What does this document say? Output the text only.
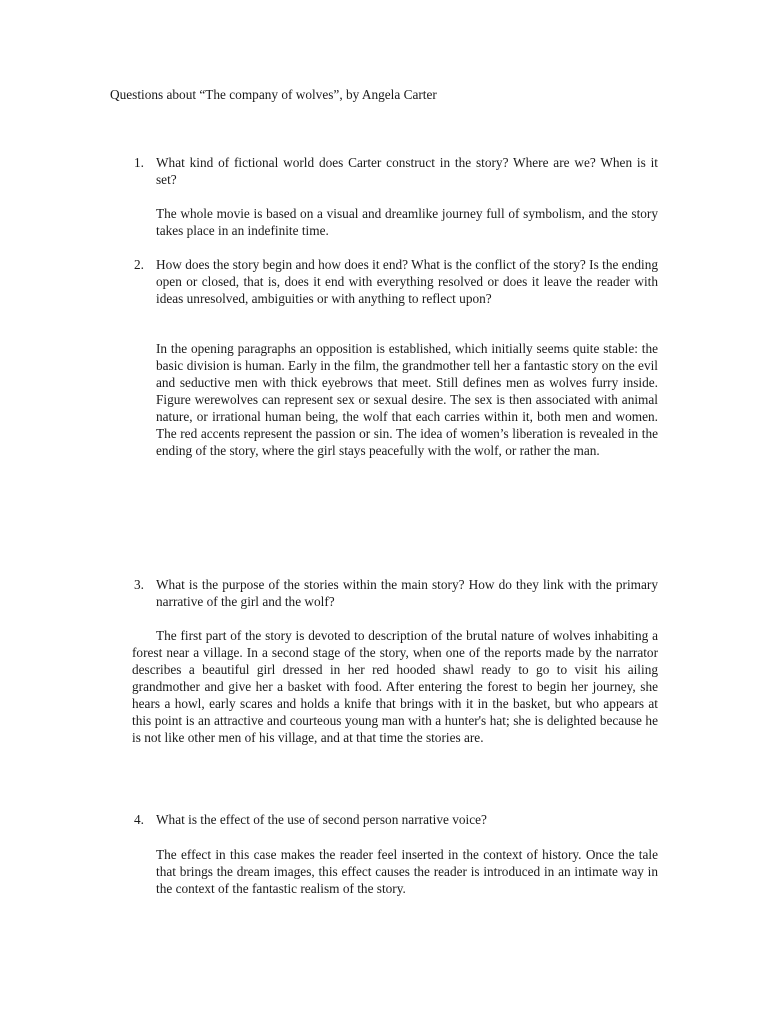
Questions about “The company of wolves”, by Angela Carter
1. What kind of fictional world does Carter construct in the story? Where are we? When is it set?
The whole movie is based on a visual and dreamlike journey full of symbolism, and the story takes place in an indefinite time.
2. How does the story begin and how does it end? What is the conflict of the story? Is the ending open or closed, that is, does it end with everything resolved or does it leave the reader with ideas unresolved, ambiguities or with anything to reflect upon?
In the opening paragraphs an opposition is established, which initially seems quite stable: the basic division is human. Early in the film, the grandmother tell her a fantastic story on the evil and seductive men with thick eyebrows that meet. Still defines men as wolves furry inside. Figure werewolves can represent sex or sexual desire. The sex is then associated with animal nature, or irrational human being, the wolf that each carries within it, both men and women. The red accents represent the passion or sin. The idea of women’s liberation is revealed in the ending of the story, where the girl stays peacefully with the wolf, or rather the man.
3. What is the purpose of the stories within the main story? How do they link with the primary narrative of the girl and the wolf?
The first part of the story is devoted to description of the brutal nature of wolves inhabiting a forest near a village. In a second stage of the story, when one of the reports made by the narrator describes a beautiful girl dressed in her red hooded shawl ready to go to visit his ailing grandmother and give her a basket with food. After entering the forest to begin her journey, she hears a howl, early scares and holds a knife that brings with it in the basket, but who appears at this point is an attractive and courteous young man with a hunter's hat; she is delighted because he is not like other men of his village, and at that time the stories are.
4. What is the effect of the use of second person narrative voice?
The effect in this case makes the reader feel inserted in the context of history. Once the tale that brings the dream images, this effect causes the reader is introduced in an intimate way in the context of the fantastic realism of the story.
